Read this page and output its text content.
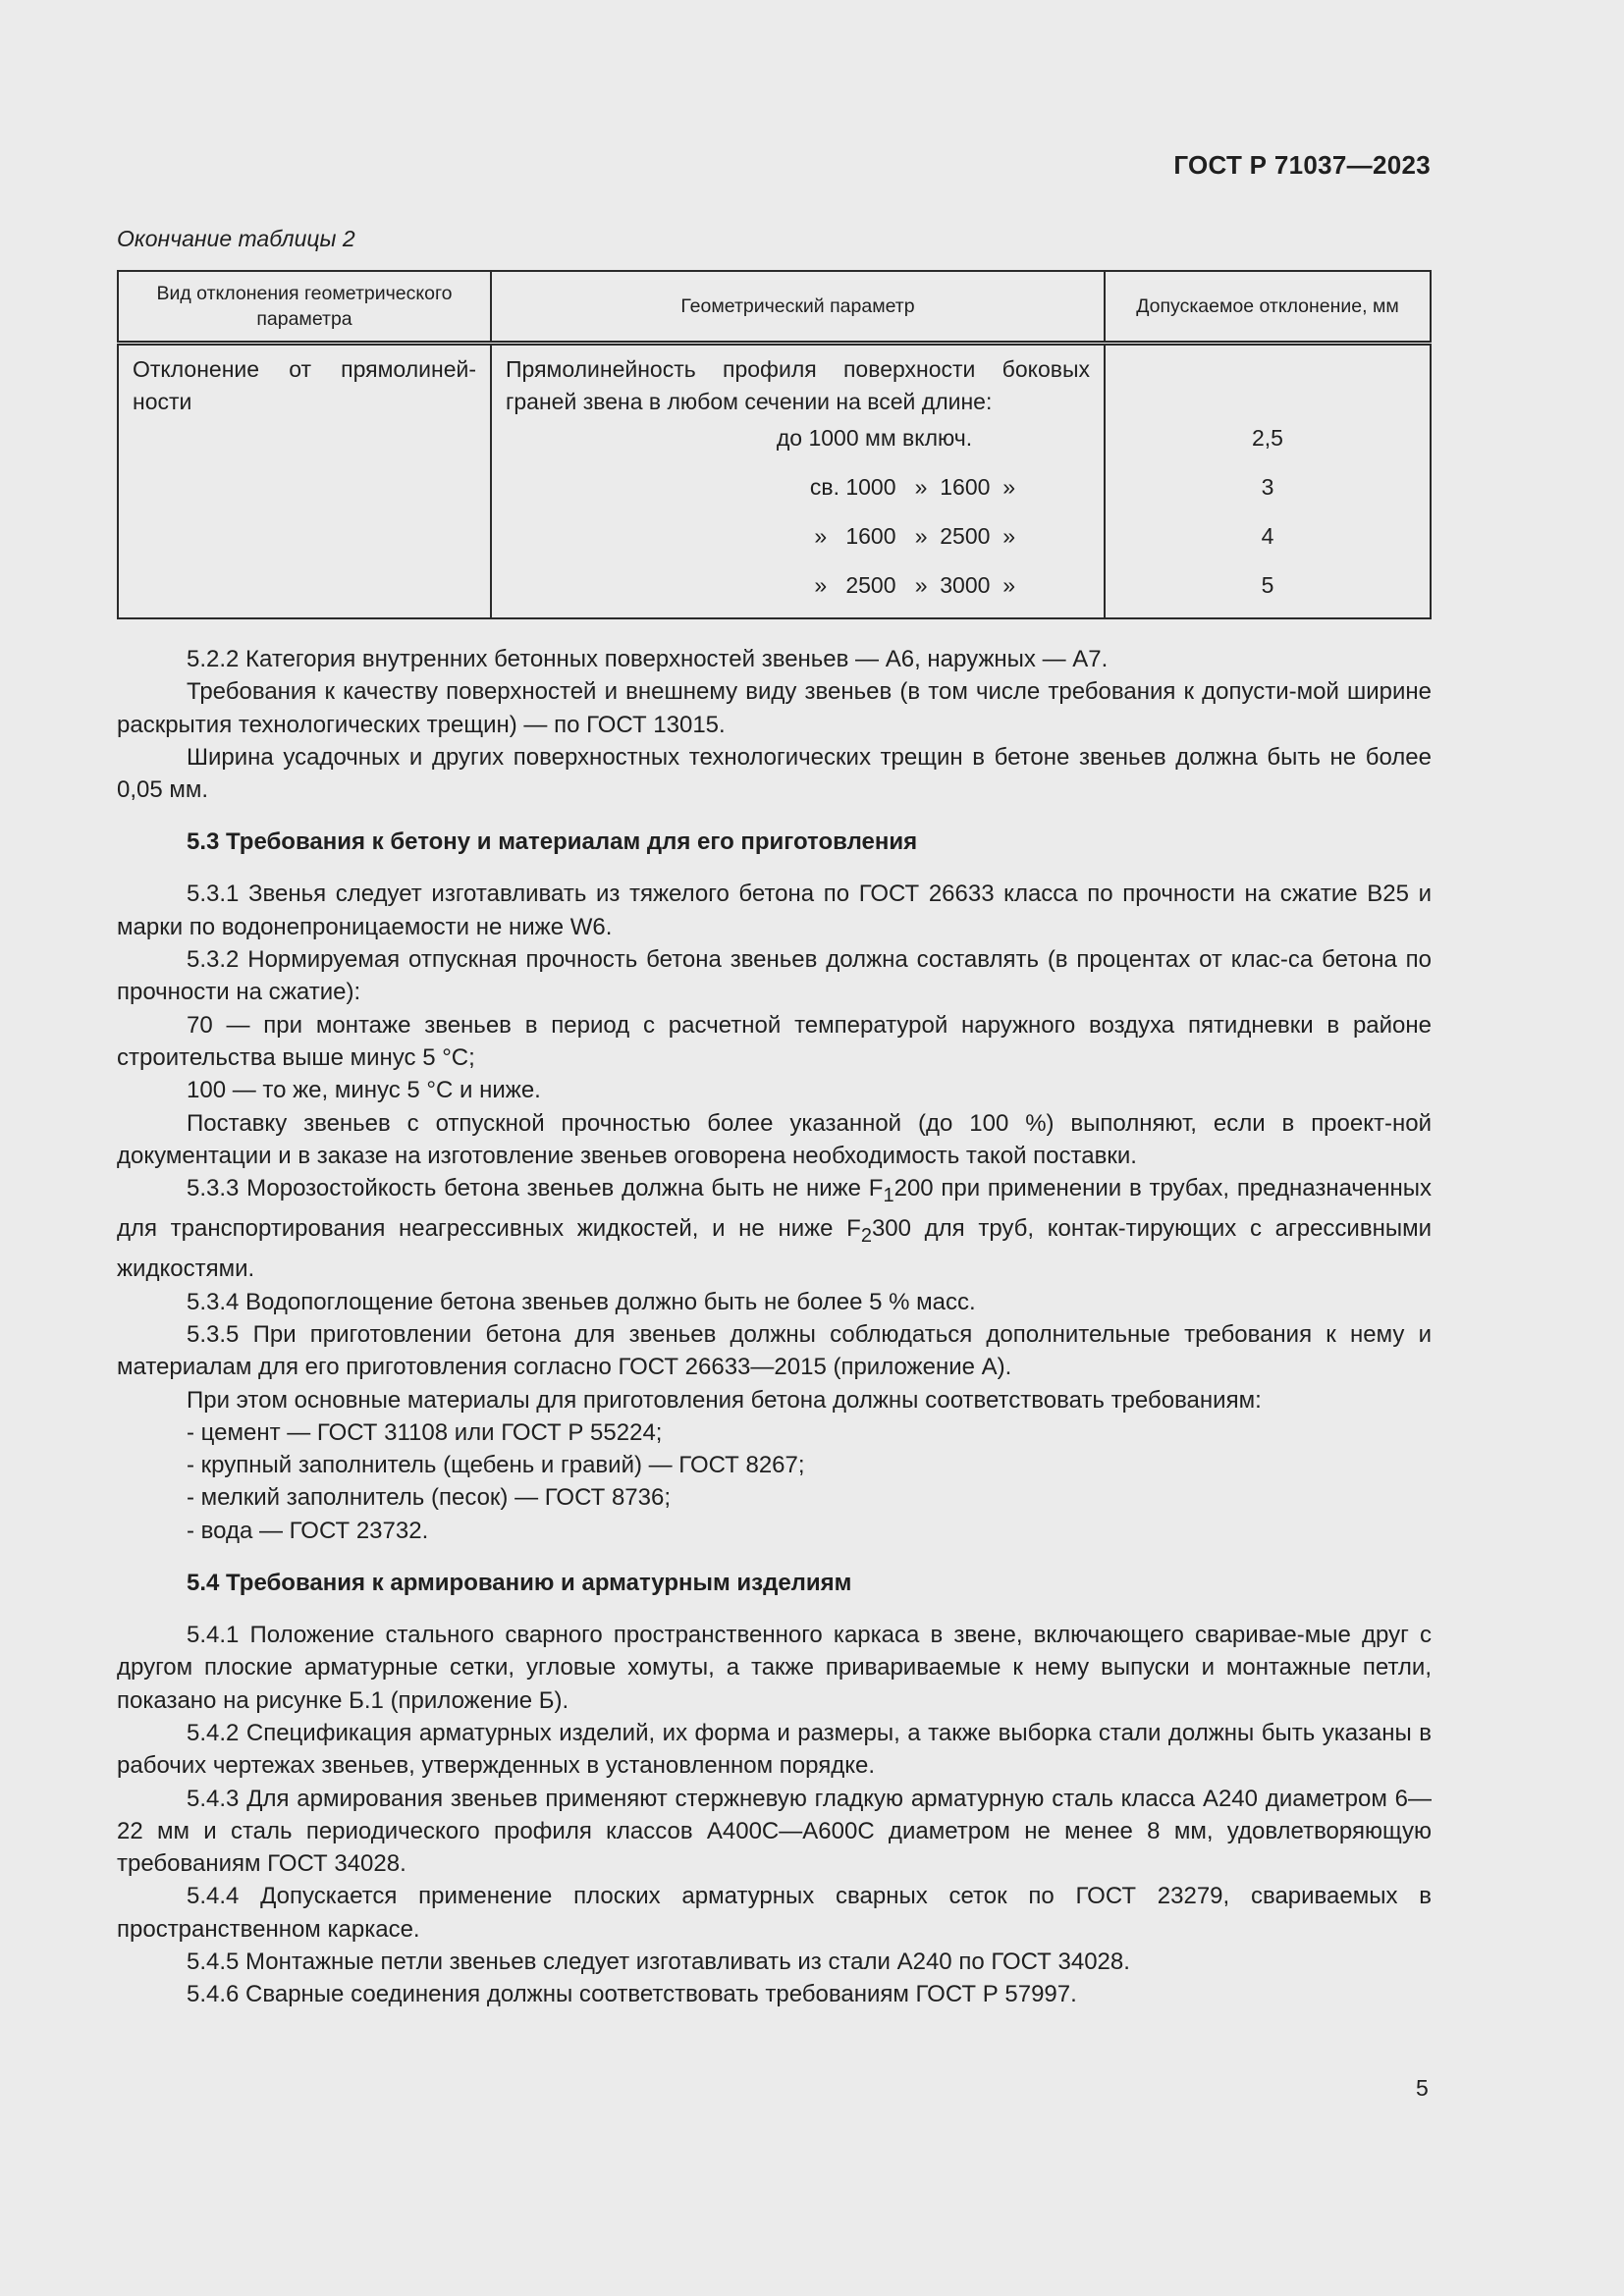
ГОСТ Р 71037—2023
Окончание таблицы 2
Вид отклонения геометрического параметра	Геометрический параметр	Допускаемое отклонение, мм
Отклонение от прямолиней-ности	Прямолинейность профиля поверхности боковых граней звена в любом сечении на всей длине:	
	до 1000 мм включ.	2,5
	св. 1000   »  1600  »	3
	»   1600   »  2500  »	4
	»   2500   »  3000  »	5

5.2.2 Категория внутренних бетонных поверхностей звеньев — А6, наружных — А7.

Требования к качеству поверхностей и внешнему виду звеньев (в том числе требования к допусти-мой ширине раскрытия технологических трещин) — по ГОСТ 13015.

Ширина усадочных и других поверхностных технологических трещин в бетоне звеньев должна быть не более 0,05 мм.

5.3 Требования к бетону и материалам для его приготовления

5.3.1 Звенья следует изготавливать из тяжелого бетона по ГОСТ 26633 класса по прочности на сжатие В25 и марки по водонепроницаемости не ниже W6.

5.3.2 Нормируемая отпускная прочность бетона звеньев должна составлять (в процентах от клас-са бетона по прочности на сжатие):

70 — при монтаже звеньев в период с расчетной температурой наружного воздуха пятидневки в районе строительства выше минус 5 °С;

100 — то же, минус 5 °С и ниже.

Поставку звеньев с отпускной прочностью более указанной (до 100 %) выполняют, если в проект-ной документации и в заказе на изготовление звеньев оговорена необходимость такой поставки.

5.3.3 Морозостойкость бетона звеньев должна быть не ниже $F_1200$ при применении в трубах, предназначенных для транспортирования неагрессивных жидкостей, и не ниже $F_2300$ для труб, контак-тирующих с агрессивными жидкостями.

5.3.4 Водопоглощение бетона звеньев должно быть не более 5 % масс.

5.3.5 При приготовлении бетона для звеньев должны соблюдаться дополнительные требования к нему и материалам для его приготовления согласно ГОСТ 26633—2015 (приложение А).

При этом основные материалы для приготовления бетона должны соответствовать требованиям:

- цемент — ГОСТ 31108 или ГОСТ Р 55224;

- крупный заполнитель (щебень и гравий) — ГОСТ 8267;

- мелкий заполнитель (песок) — ГОСТ 8736;

- вода — ГОСТ 23732.

5.4 Требования к армированию и арматурным изделиям

5.4.1 Положение стального сварного пространственного каркаса в звене, включающего сваривае-мые друг с другом плоские арматурные сетки, угловые хомуты, а также привариваемые к нему выпуски и монтажные петли, показано на рисунке Б.1 (приложение Б).

5.4.2 Спецификация арматурных изделий, их форма и размеры, а также выборка стали должны быть указаны в рабочих чертежах звеньев, утвержденных в установленном порядке.

5.4.3 Для армирования звеньев применяют стержневую гладкую арматурную сталь класса А240 диаметром 6—22 мм и сталь периодического профиля классов А400С—А600С диаметром не менее 8 мм, удовлетворяющую требованиям ГОСТ 34028.

5.4.4 Допускается применение плоских арматурных сварных сеток по ГОСТ 23279, свариваемых в пространственном каркасе.

5.4.5 Монтажные петли звеньев следует изготавливать из стали А240 по ГОСТ 34028.

5.4.6 Сварные соединения должны соответствовать требованиям ГОСТ Р 57997.

5
